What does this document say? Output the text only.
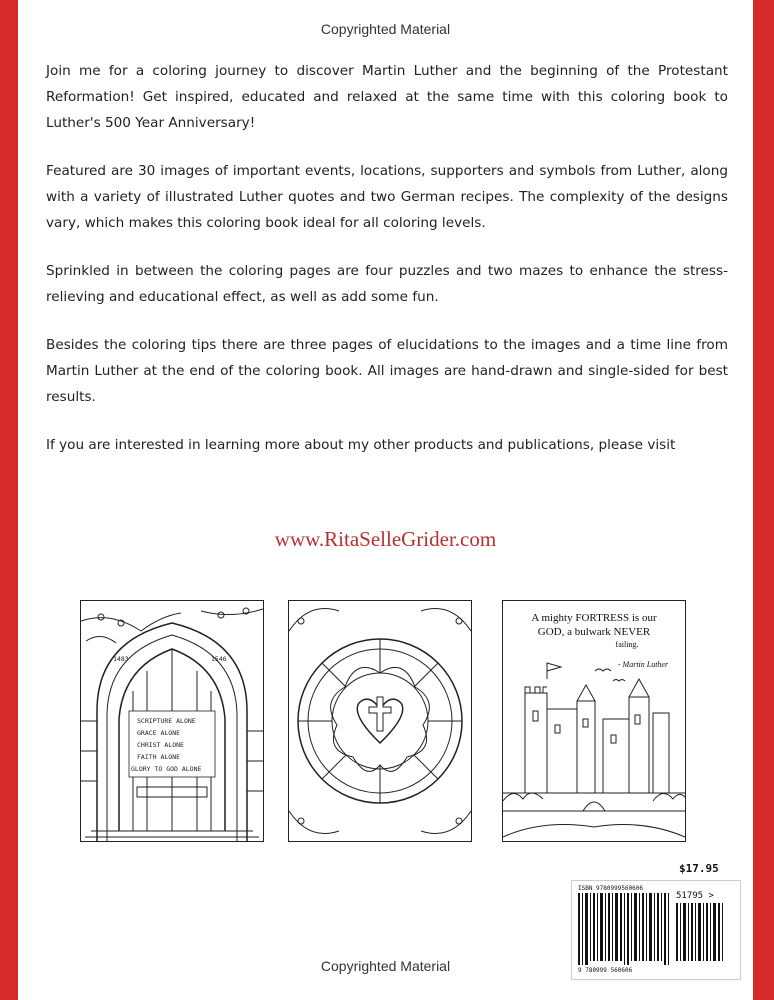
Copyrighted Material

Join me for a coloring journey to discover Martin Luther and the beginning of the Protestant Reformation! Get inspired, educated and relaxed at the same time with this coloring book to Luther's 500 Year Anniversary!

Featured are 30 images of important events, locations, supporters and symbols from Luther, along with a variety of illustrated Luther quotes and two German recipes. The complexity of the designs vary, which makes this coloring book ideal for all coloring levels.

Sprinkled in between the coloring pages are four puzzles and two mazes to enhance the stress-relieving and educational effect, as well as add some fun.

Besides the coloring tips there are three pages of elucidations to the images and a time line from Martin Luther at the end of the coloring book. All images are hand-drawn and single-sided for best results.

If you are interested in learning more about my other products and publications, please visit

www.RitaSelleGrider.com
1483	1546
SCRIPTURE ALONE
GRACE ALONE
CHRIST ALONE
FAITH ALONE
GLORY TO GOD ALONE
A mighty FORTRESS is our
GOD, a bulwark NEVER
failing.
- Martin Luther
$17.95
ISBN 9780999560606
51795 >
9 780999 560606
Copyrighted Material
